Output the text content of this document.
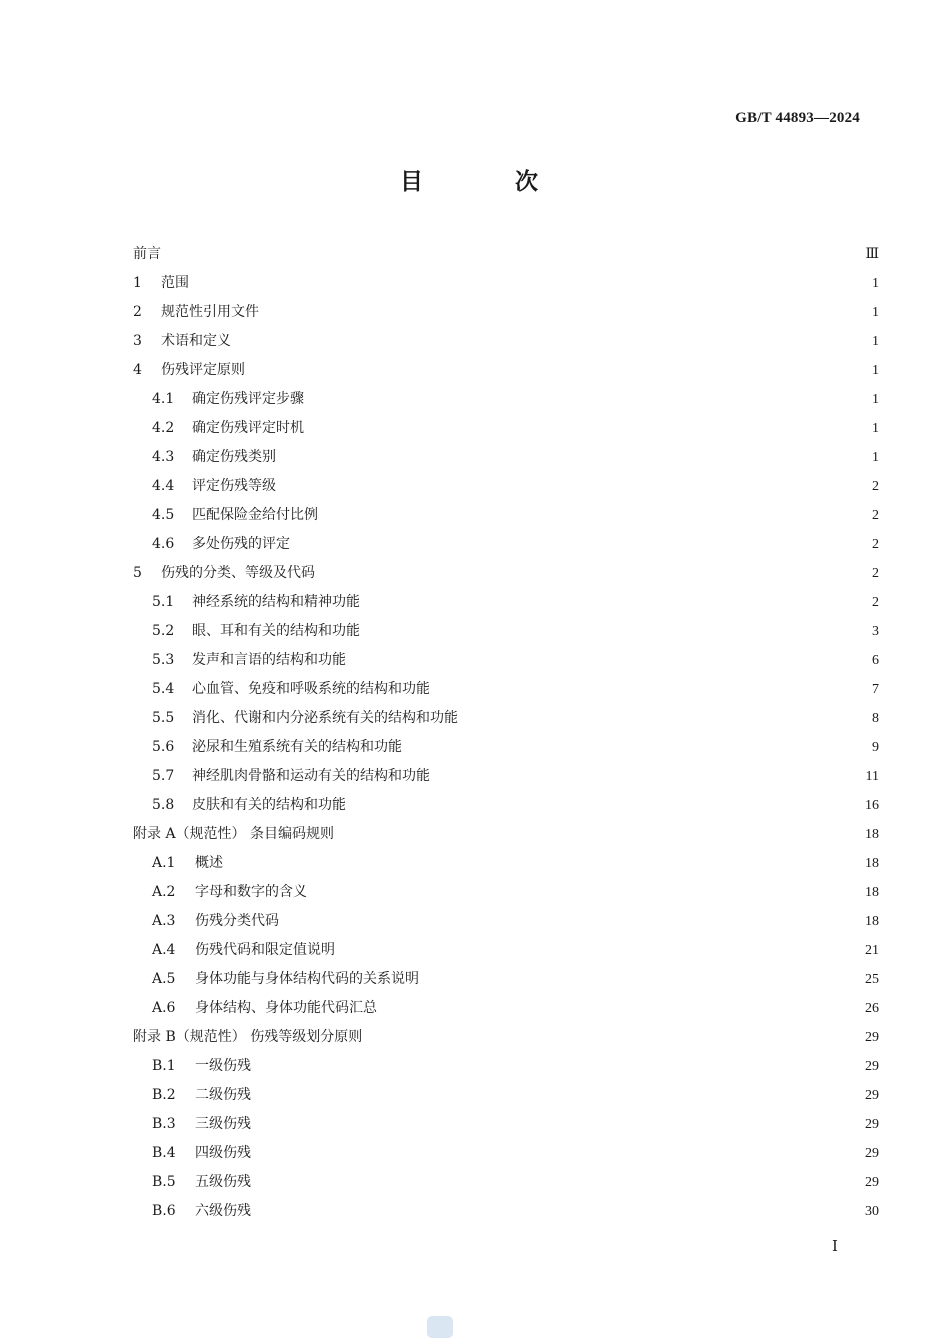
GB/T 44893—2024
目 次
前言	Ⅲ
1	范围	1
2	规范性引用文件	1
3	术语和定义	1
4	伤残评定原则	1
4.1	确定伤残评定步骤	1
4.2	确定伤残评定时机	1
4.3	确定伤残类别	1
4.4	评定伤残等级	2
4.5	匹配保险金给付比例	2
4.6	多处伤残的评定	2
5	伤残的分类、等级及代码	2
5.1	神经系统的结构和精神功能	2
5.2	眼、耳和有关的结构和功能	3
5.3	发声和言语的结构和功能	6
5.4	心血管、免疫和呼吸系统的结构和功能	7
5.5	消化、代谢和内分泌系统有关的结构和功能	8
5.6	泌尿和生殖系统有关的结构和功能	9
5.7	神经肌肉骨骼和运动有关的结构和功能	11
5.8	皮肤和有关的结构和功能	16
附录 A（规范性） 条目编码规则	18
A.1	概述	18
A.2	字母和数字的含义	18
A.3	伤残分类代码	18
A.4	伤残代码和限定值说明	21
A.5	身体功能与身体结构代码的关系说明	25
A.6	身体结构、身体功能代码汇总	26
附录 B（规范性） 伤残等级划分原则	29
B.1	一级伤残	29
B.2	二级伤残	29
B.3	三级伤残	29
B.4	四级伤残	29
B.5	五级伤残	29
B.6	六级伤残	30
Ⅰ
